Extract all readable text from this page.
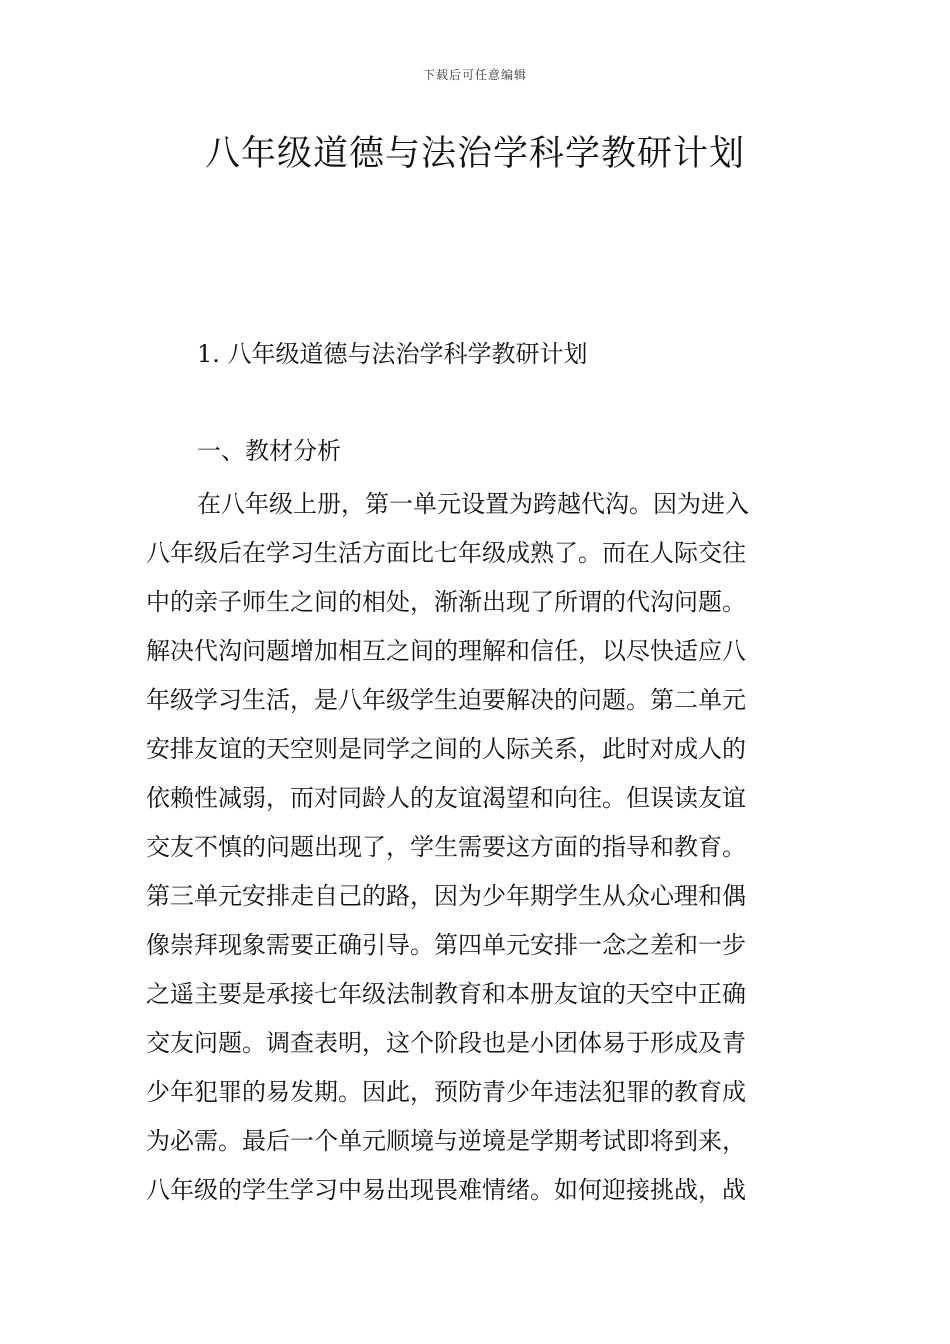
下载后可任意编辑
八年级道德与法治学科学教研计划
1. 八年级道德与法治学科学教研计划
一、教材分析
在八年级上册，第一单元设置为跨越代沟。因为进入
八年级后在学习生活方面比七年级成熟了。而在人际交往
中的亲子师生之间的相处，渐渐出现了所谓的代沟问题。
解决代沟问题增加相互之间的理解和信任，以尽快适应八
年级学习生活，是八年级学生迫要解决的问题。第二单元
安排友谊的天空则是同学之间的人际关系，此时对成人的
依赖性减弱，而对同龄人的友谊渴望和向往。但误读友谊
交友不慎的问题出现了，学生需要这方面的指导和教育。
第三单元安排走自己的路，因为少年期学生从众心理和偶
像崇拜现象需要正确引导。第四单元安排一念之差和一步
之遥主要是承接七年级法制教育和本册友谊的天空中正确
交友问题。调查表明，这个阶段也是小团体易于形成及青
少年犯罪的易发期。因此，预防青少年违法犯罪的教育成
为必需。最后一个单元顺境与逆境是学期考试即将到来，
八年级的学生学习中易出现畏难情绪。如何迎接挑战，战
